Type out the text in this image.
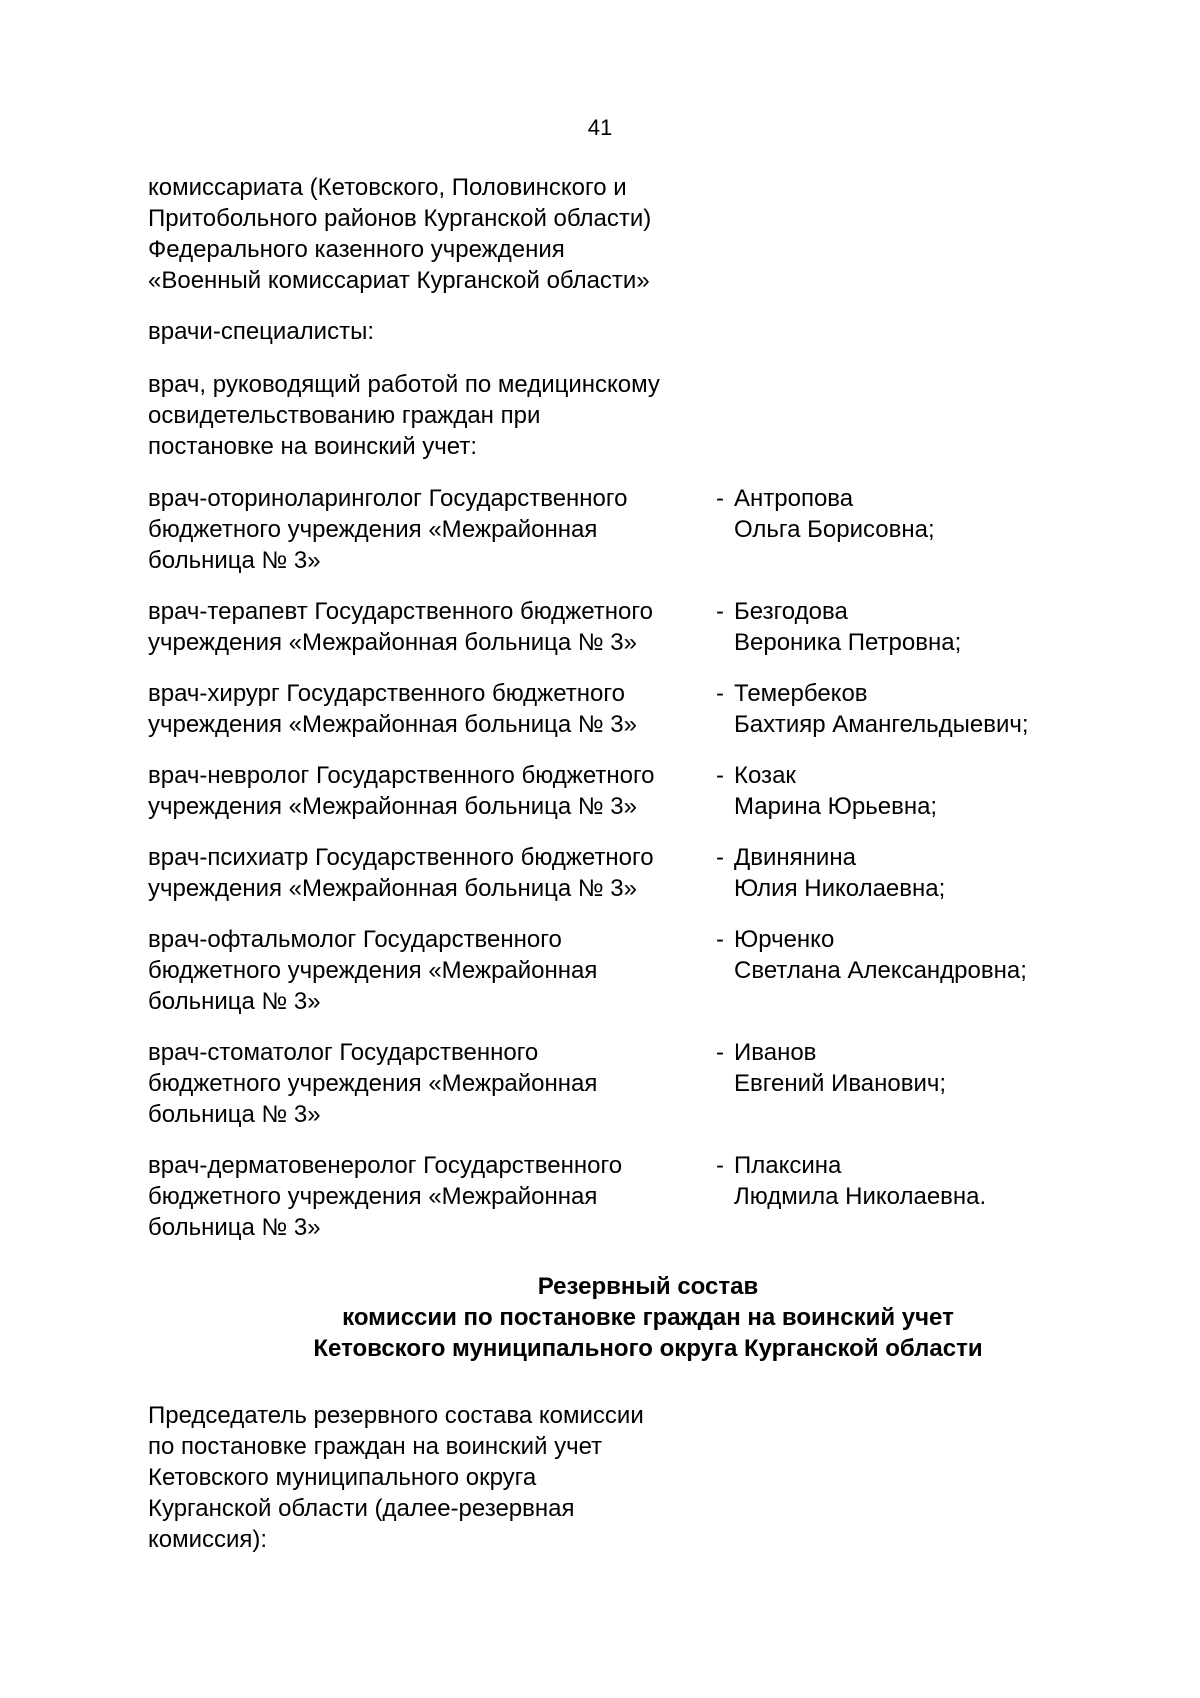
41
комиссариата (Кетовского, Половинского и
Притобольного районов Курганской области)
Федерального казенного учреждения
«Военный комиссариат Курганской области»
врачи-специалисты:
врач, руководящий работой по медицинскому
освидетельствованию граждан при
постановке на воинский учет:
врач-оториноларинголог Государственного
бюджетного учреждения «Межрайонная
больница № 3»
- Антропова
Ольга Борисовна;
врач-терапевт Государственного бюджетного
учреждения «Межрайонная больница № 3»
- Безгодова
Вероника Петровна;
врач-хирург Государственного бюджетного
учреждения «Межрайонная больница № 3»
- Темербеков
Бахтияр Амангельдыевич;
врач-невролог Государственного бюджетного
учреждения «Межрайонная больница № 3»
- Козак
Марина Юрьевна;
врач-психиатр Государственного бюджетного
учреждения «Межрайонная больница № 3»
- Двинянина
Юлия Николаевна;
врач-офтальмолог Государственного
бюджетного учреждения «Межрайонная
больница № 3»
- Юрченко
Светлана Александровна;
врач-стоматолог Государственного
бюджетного учреждения «Межрайонная
больница № 3»
- Иванов
Евгений Иванович;
врач-дерматовенеролог Государственного
бюджетного учреждения «Межрайонная
больница № 3»
- Плаксина
Людмила Николаевна.
Резервный состав
комиссии по постановке граждан на воинский учет
Кетовского муниципального округа Курганской области
Председатель резервного состава комиссии
по постановке граждан на воинский учет
Кетовского муниципального округа
Курганской области (далее-резервная
комиссия):
